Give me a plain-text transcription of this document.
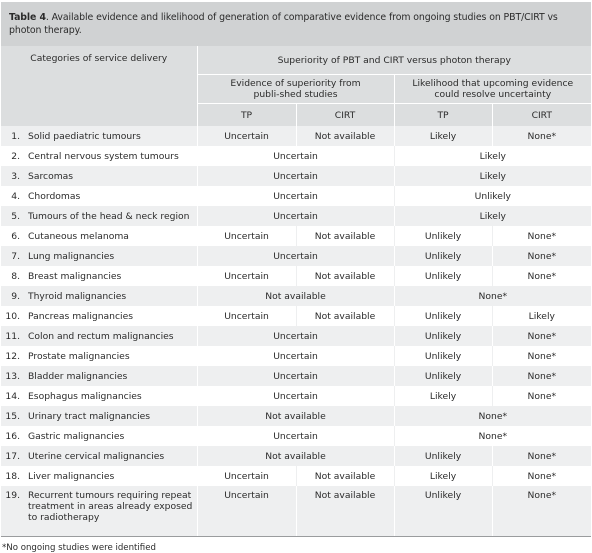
Table 4. Available evidence and likelihood of generation of comparative evidence from ongoing studies on PBT/CIRT vs photon therapy.
Categories of service delivery		Superiority of PBT and CIRT versus photon therapy			
		Evidence of superiority from publi-shed studies		Likelihood that upcoming evidence could resolve uncertainty	
		TP	CIRT	TP	CIRT
1.	Solid paediatric tumours	Uncertain	Not available	Likely	None*
2.	Central nervous system tumours	Uncertain		Likely	
3.	Sarcomas	Uncertain		Likely	
4.	Chordomas	Uncertain		Unlikely	
5.	Tumours of the head & neck region	Uncertain		Likely	
6.	Cutaneous melanoma	Uncertain	Not available	Unlikely	None*
7.	Lung malignancies	Uncertain		Unlikely	None*
8.	Breast malignancies	Uncertain	Not available	Unlikely	None*
9.	Thyroid malignancies	Not available		None*	
10.	Pancreas malignancies	Uncertain	Not available	Unlikely	Likely
11.	Colon and rectum malignancies	Uncertain		Unlikely	None*
12.	Prostate malignancies	Uncertain		Unlikely	None*
13.	Bladder malignancies	Uncertain		Unlikely	None*
14.	Esophagus malignancies	Uncertain		Likely	None*
15.	Urinary tract malignancies	Not available		None*	
16.	Gastric malignancies	Uncertain		None*	
17.	Uterine cervical malignancies	Not available		Unlikely	None*
18.	Liver malignancies	Uncertain	Not available	Likely	None*
19.	Recurrent tumours requiring repeat treatment in areas already exposed to radiotherapy	Uncertain	Not available	Unlikely	None*
*No ongoing studies were identified
